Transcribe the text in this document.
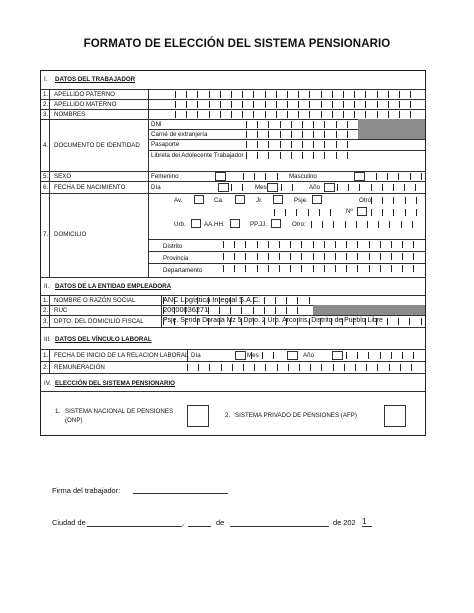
FORMATO DE ELECCIÓN DEL SISTEMA PENSIONARIO
I. DATOS DEL TRABAJADOR
1. APELLIDO PATERNO
2. APELLIDO MATERNO
3. NOMBRES
4. DOCUMENTO DE IDENTIDAD
DNI
Carné de extranjería
Pasaporte
Libreta del Adolecente Trabajador
5. SEXO	Femenino	Masculino
6. FECHA DE NACIMIENTO	Día	Mes	Año
7. DOMICILIO
Av.	Ca.	Jr.	Psje.	Otro:
Nº
Urb.	AA.HH.	PP.JJ.	Otro:
Distrito
Provincia
Departamento
II. DATOS DE LA ENTIDAD EMPLEADORA
1. NOMBRE O RAZÓN SOCIAL	ANC Logística Integral S.A.C.
2. RUC	20600036271
3. DPTO. DEL DOMICILIO FISCAL	Psje. Senda Dorada Mz 5 Dpto. 2 Urb. Arco Iris, Distrito de Pueblo Libre
III. DATOS DEL VÍNCULO LABORAL
1. FECHA DE INICIO DE LA RELACION LABORAL Día	Mes	Año
2. REMUNERACIÓN
IV. ELECCIÓN DEL SISTEMA PENSIONARIO
1. SISTEMA NACIONAL DE PENSIONES
(ONP)
2. SISTEMA PRIVADO DE PENSIONES (AFP)
Firma del trabajador:
Ciudad de	,	de	de 202 1
